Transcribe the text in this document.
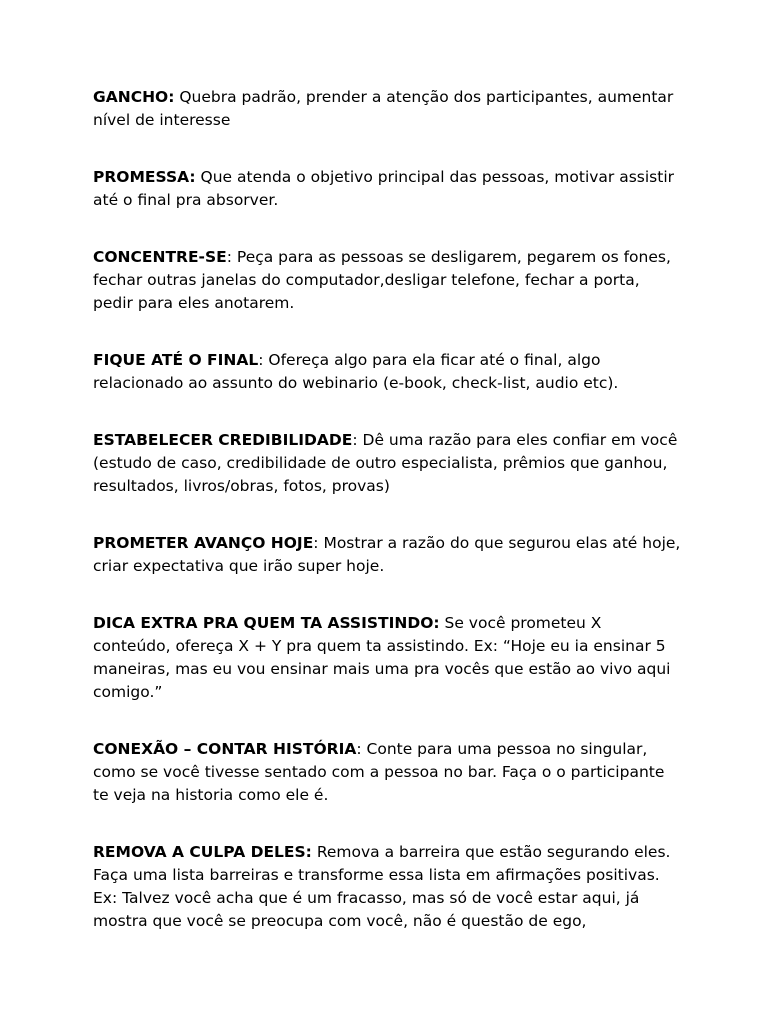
GANCHO: Quebra padrão, prender a atenção dos participantes, aumentar nível de interesse

PROMESSA: Que atenda o objetivo principal das pessoas, motivar assistir até o final pra absorver.

CONCENTRE-SE: Peça para as pessoas se desligarem, pegarem os fones, fechar outras janelas do computador,desligar telefone, fechar a porta, pedir para eles anotarem.

FIQUE ATÉ O FINAL: Ofereça algo para ela ficar até o final, algo relacionado ao assunto do webinario (e-book, check-list, audio etc).

ESTABELECER CREDIBILIDADE: Dê uma razão para eles confiar em você (estudo de caso, credibilidade de outro especialista, prêmios que ganhou, resultados, livros/obras, fotos, provas)

PROMETER AVANÇO HOJE: Mostrar a razão do que segurou elas até hoje, criar expectativa que irão super hoje.

DICA EXTRA PRA QUEM TA ASSISTINDO: Se você prometeu X conteúdo, ofereça X + Y pra quem ta assistindo. Ex: “Hoje eu ia ensinar 5 maneiras, mas eu vou ensinar mais uma pra vocês que estão ao vivo aqui comigo.”

CONEXÃO – CONTAR HISTÓRIA: Conte para uma pessoa no singular, como se você tivesse sentado com a pessoa no bar. Faça o o participante te veja na historia como ele é.

REMOVA A CULPA DELES: Remova a barreira que estão segurando eles. Faça uma lista barreiras e transforme essa lista em afirmações positivas. Ex: Talvez você acha que é um fracasso, mas só de você estar aqui, já mostra que você se preocupa com você, não é questão de ego,
